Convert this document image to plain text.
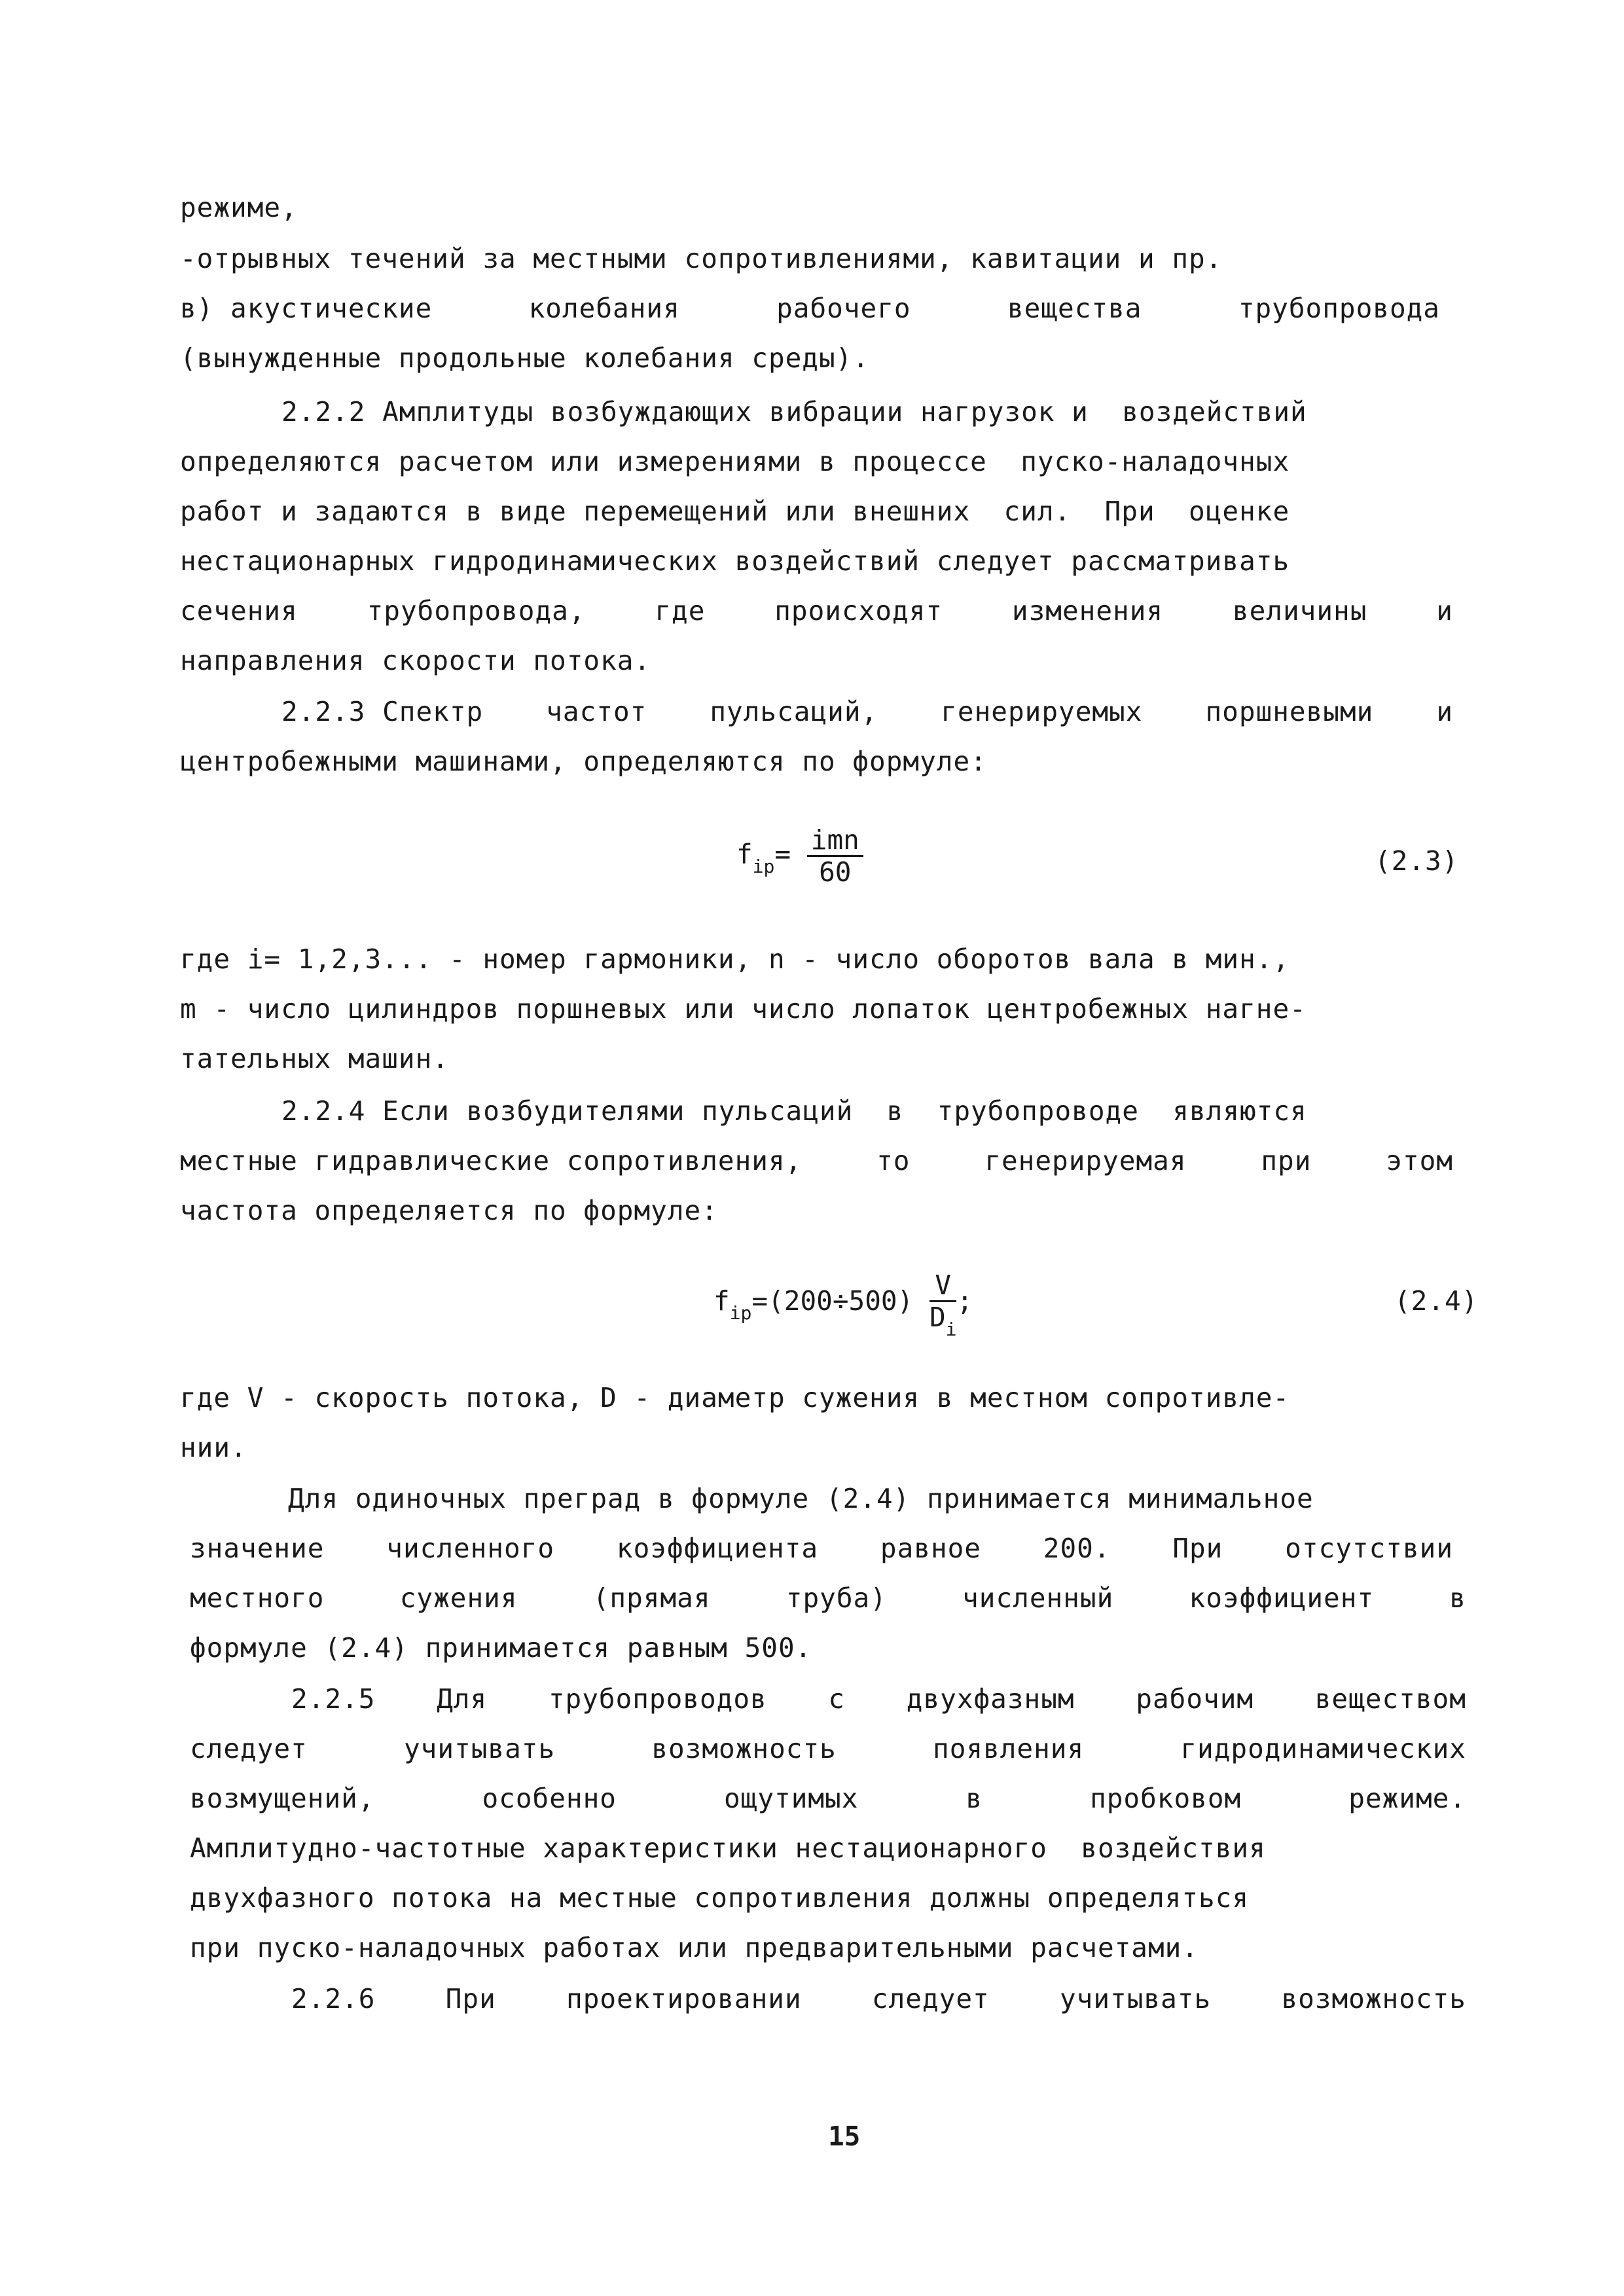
режиме,
-отрывных течений за местными сопротивлениями, кавитации и пр.
в) акустические	колебания	рабочего	вещества	трубопровода
(вынужденные продольные колебания среды).
2.2.2 Амплитуды возбуждающих вибрации нагрузок и  воздействий
определяются расчетом или измерениями в процессе  пуско-наладочных
работ и задаются в виде перемещений или внешних  сил.  При  оценке
нестационарных гидродинамических воздействий следует рассматривать
сечения	трубопровода,	где	происходят	изменения	величины	и
направления скорости потока.
2.2.3 Спектр частот пульсаций, генерируемых поршневыми и
центробежными машинами, определяются по формуле:
$f_{ip}= \frac{\text{imn}}{60}$	(2.3)
где i= 1,2,3... - номер гармоники, n - число оборотов вала в мин.,
m - число цилиндров поршневых или число лопаток центробежных нагне-
тательных машин.
2.2.4 Если возбудителями пульсаций  в  трубопроводе  являются
местные гидравлические сопротивления,	то	генерируемая	при	этом
частота определяется по формуле:
$f_{ip}=(200\div 500) \frac{V}{D_i}$ ;	(2.4)
где V - скорость потока, D - диаметр сужения в местном сопротивле-
нии.
Для одиночных преград в формуле (2.4) принимается минимальное
значение численного коэффициента равное 200. При отсутствии
местного	сужения	(прямая	труба)	численный	коэффициент	в
формуле (2.4) принимается равным 500.
2.2.5 Для трубопроводов с двухфазным рабочим веществом
следует	учитывать	возможность	появления	гидродинамических
возмущений,	особенно	ощутимых	в	пробковом	режиме.
Амплитудно-частотные характеристики нестационарного  воздействия
двухфазного потока на местные сопротивления должны определяться
при пуско-наладочных работах или предварительными расчетами.
2.2.6	При	проектировании	следует	учитывать	возможность
15
